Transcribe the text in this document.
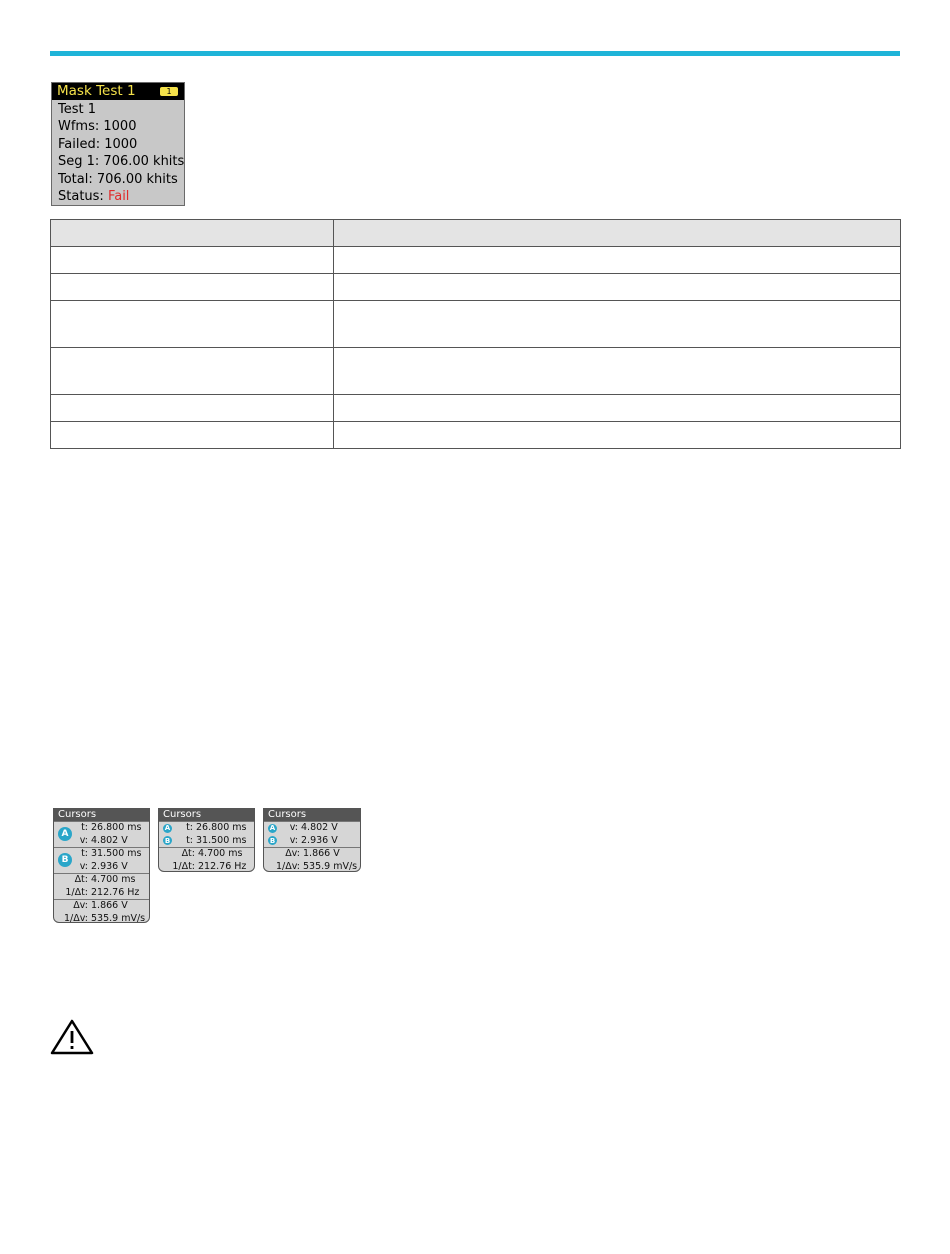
Mask Test 1	1
Test 1
Wfms: 1000
Failed: 1000
Seg 1: 706.00 khits
Total: 706.00 khits
Status: Fail

Cursors
A
t: 26.800 ms
v: 4.802 V
B
t: 31.500 ms
v: 2.936 V
Δt: 4.700 ms
1/Δt: 212.76 Hz
Δv: 1.866 V
1/Δv: 535.9 mV/s
Cursors
A	t: 26.800 ms
B	t: 31.500 ms
Δt: 4.700 ms
1/Δt: 212.76 Hz
Cursors
A	v: 4.802 V
B	v: 2.936 V
Δv: 1.866 V
1/Δv: 535.9 mV/s
